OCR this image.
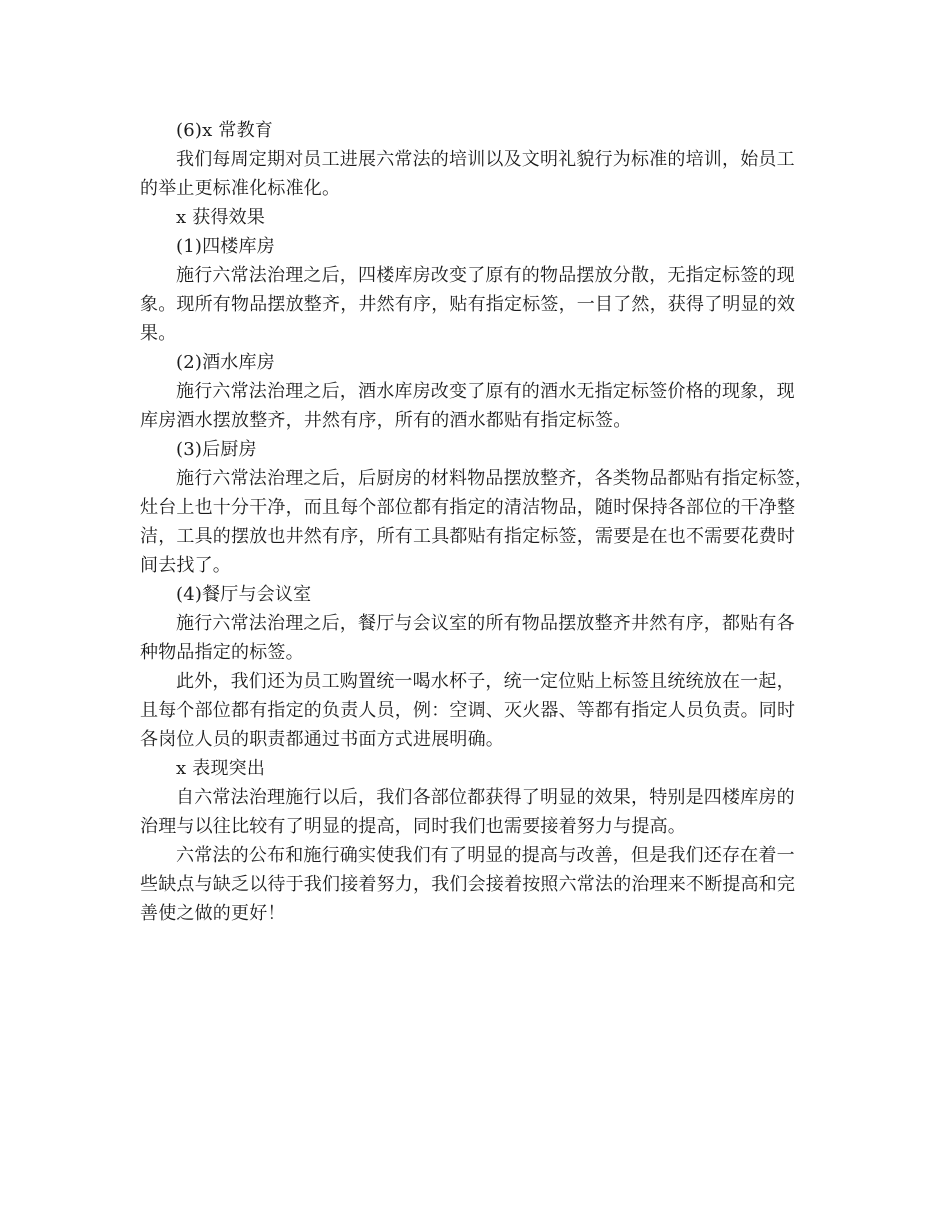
(6)x 常教育

我们每周定期对员工进展六常法的培训以及文明礼貌行为标准的培训，始员工

的举止更标准化标准化。

x 获得效果

(1)四楼库房

施行六常法治理之后，四楼库房改变了原有的物品摆放分散，无指定标签的现

象。现所有物品摆放整齐，井然有序，贴有指定标签，一目了然，获得了明显的效

果。

(2)酒水库房

施行六常法治理之后，酒水库房改变了原有的酒水无指定标签价格的现象，现

库房酒水摆放整齐，井然有序，所有的酒水都贴有指定标签。

(3)后厨房

施行六常法治理之后，后厨房的材料物品摆放整齐，各类物品都贴有指定标签，

灶台上也十分干净，而且每个部位都有指定的清洁物品，随时保持各部位的干净整

洁，工具的摆放也井然有序，所有工具都贴有指定标签，需要是在也不需要花费时

间去找了。

(4)餐厅与会议室

施行六常法治理之后，餐厅与会议室的所有物品摆放整齐井然有序，都贴有各

种物品指定的标签。

此外，我们还为员工购置统一喝水杯子，统一定位贴上标签且统统放在一起，

且每个部位都有指定的负责人员，例：空调、灭火器、等都有指定人员负责。同时

各岗位人员的职责都通过书面方式进展明确。

x 表现突出

自六常法治理施行以后，我们各部位都获得了明显的效果，特别是四楼库房的

治理与以往比较有了明显的提高，同时我们也需要接着努力与提高。

六常法的公布和施行确实使我们有了明显的提高与改善，但是我们还存在着一

些缺点与缺乏以待于我们接着努力，我们会接着按照六常法的治理来不断提高和完

善使之做的更好！
